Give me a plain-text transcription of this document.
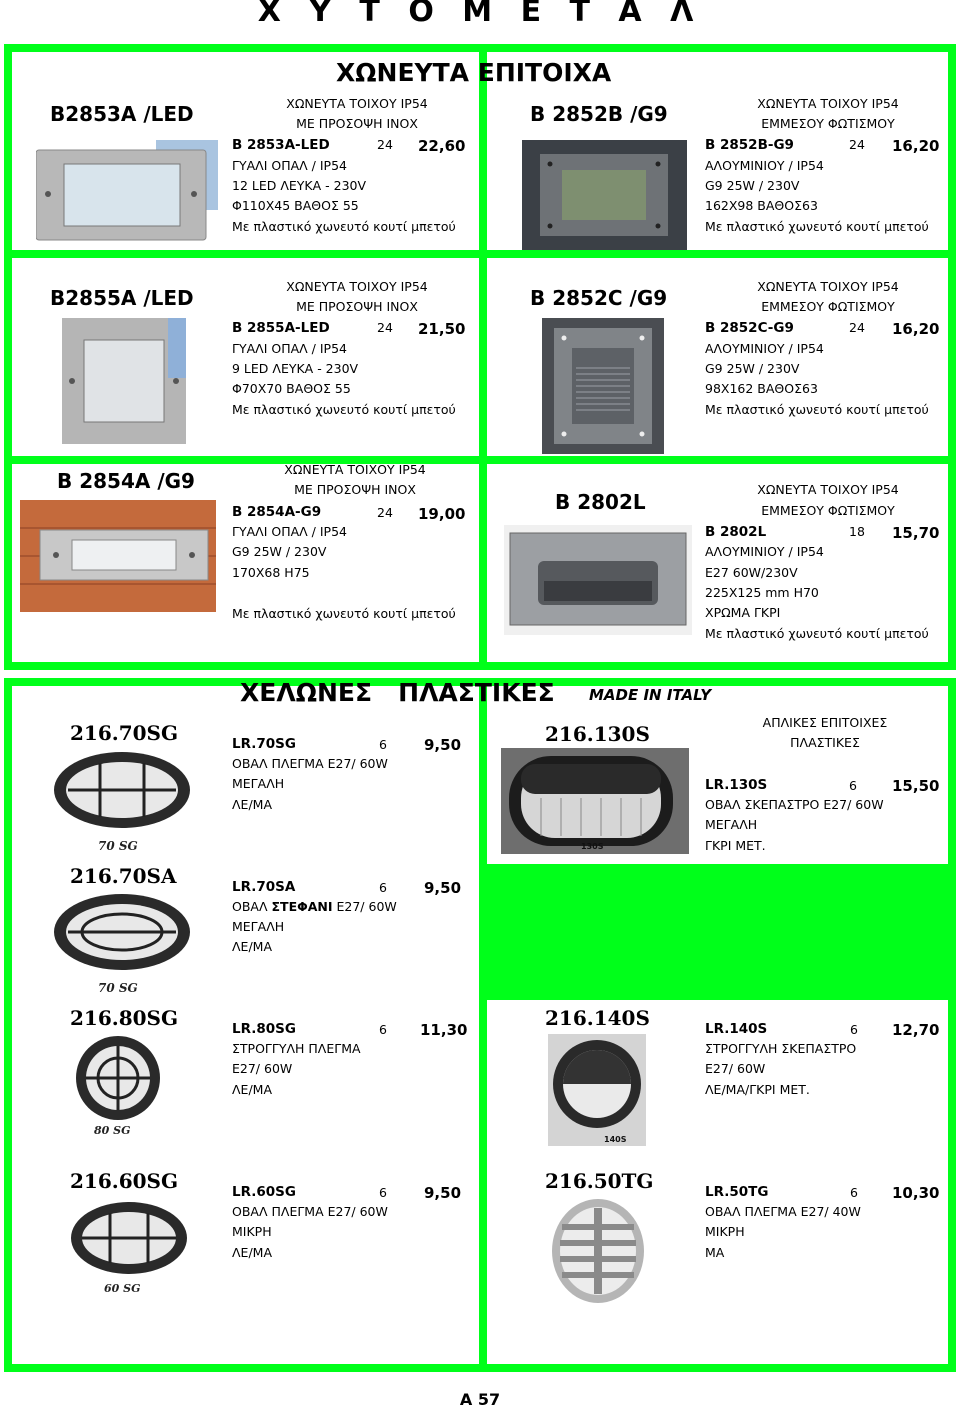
Χ Υ Τ Ο Μ Ε Τ Α Λ
ΧΩΝΕΥΤΑ ΕΠΙΤΟΙΧΑ
B2853A /LED	ΧΩΝΕΥΤΑ ΤΟΙΧΟΥ IP54
ΜΕ ΠΡΟΣΟΨΗ ΙΝΟΧ
B 2853A-LED	24 22,60
ΓΥΑΛΙ ΟΠΑΛ / IP54
12 LED ΛΕΥΚΑ - 230V
Φ110Χ45 ΒΑΘΟΣ 55
Με πλαστικό χωνευτό κουτί μπετού
B 2852B /G9	ΧΩΝΕΥΤΑ ΤΟΙΧΟΥ IP54
ΕΜΜΕΣΟΥ ΦΩΤΙΣΜΟΥ
B 2852B-G9	24 16,20
ΑΛΟΥΜΙΝΙΟΥ / IP54
G9 25W / 230V
162Χ98 ΒΑΘΟΣ63
Με πλαστικό χωνευτό κουτί μπετού
B2855A /LED	ΧΩΝΕΥΤΑ ΤΟΙΧΟΥ IP54
ΜΕ ΠΡΟΣΟΨΗ ΙΝΟΧ
B 2855A-LED	24 21,50
ΓΥΑΛΙ ΟΠΑΛ / IP54
9 LED ΛΕΥΚΑ - 230V
Φ70Χ70 ΒΑΘΟΣ 55
Με πλαστικό χωνευτό κουτί μπετού
B 2852C /G9	ΧΩΝΕΥΤΑ ΤΟΙΧΟΥ IP54
ΕΜΜΕΣΟΥ ΦΩΤΙΣΜΟΥ
B 2852C-G9	24 16,20
ΑΛΟΥΜΙΝΙΟΥ / IP54
G9 25W / 230V
98Χ162 ΒΑΘΟΣ63
Με πλαστικό χωνευτό κουτί μπετού
B 2854A /G9	ΧΩΝΕΥΤΑ ΤΟΙΧΟΥ IP54
ΜΕ ΠΡΟΣΟΨΗ ΙΝΟΧ
B 2854A-G9	24 19,00
ΓΥΑΛΙ ΟΠΑΛ / IP54
G9 25W / 230V
170Χ68 Η75
Με πλαστικό χωνευτό κουτί μπετού
B 2802L
ΧΩΝΕΥΤΑ ΤΟΙΧΟΥ IP54
ΕΜΜΕΣΟΥ ΦΩΤΙΣΜΟΥ
B 2802L	18 15,70
ΑΛΟΥΜΙΝΙΟΥ / IP54
E27 60W/230V
225X125 mm H70
ΧΡΩΜΑ ΓΚΡΙ
Με πλαστικό χωνευτό κουτί μπετού
ΧΕΛΩΝΕΣ   ΠΛΑΣΤΙΚΕΣ MADE IN ITALY
216.70SG
70 SG
LR.70SG	6 9,50
ΟΒΑΛ ΠΛΕΓΜΑ Ε27/ 60W
ΜΕΓΑΛΗ
ΛΕ/ΜΑ
216.130S
130S
ΑΠΛΙΚΕΣ ΕΠΙΤΟΙΧΕΣ
ΠΛΑΣΤΙΚΕΣ
LR.130S	6 15,50
ΟΒΑΛ ΣΚΕΠΑΣΤΡΟ Ε27/ 60W
ΜΕΓΑΛΗ
ΓΚΡΙ ΜΕΤ.
216.70SA
70 SG
LR.70SA	6 9,50
ΟΒΑΛ ΣΤΕΦΑΝΙ Ε27/ 60W
ΜΕΓΑΛΗ
ΛΕ/ΜΑ
216.80SG
80 SG
LR.80SG	6 11,30
ΣΤΡΟΓΓΥΛΗ ΠΛΕΓΜΑ
Ε27/ 60W
ΛΕ/ΜΑ
216.140S
140S
LR.140S	6 12,70
ΣΤΡΟΓΓΥΛΗ ΣΚΕΠΑΣΤΡΟ
Ε27/ 60W
ΛΕ/ΜΑ/ΓΚΡΙ ΜΕΤ.
216.60SG
60 SG
LR.60SG	6 9,50
ΟΒΑΛ ΠΛΕΓΜΑ Ε27/ 60W
ΜΙΚΡΗ
ΛΕ/ΜΑ
216.50TG	LR.50TG	6 10,30
ΟΒΑΛ ΠΛΕΓΜΑ Ε27/ 40W
ΜΙΚΡΗ
ΜΑ
A 57
